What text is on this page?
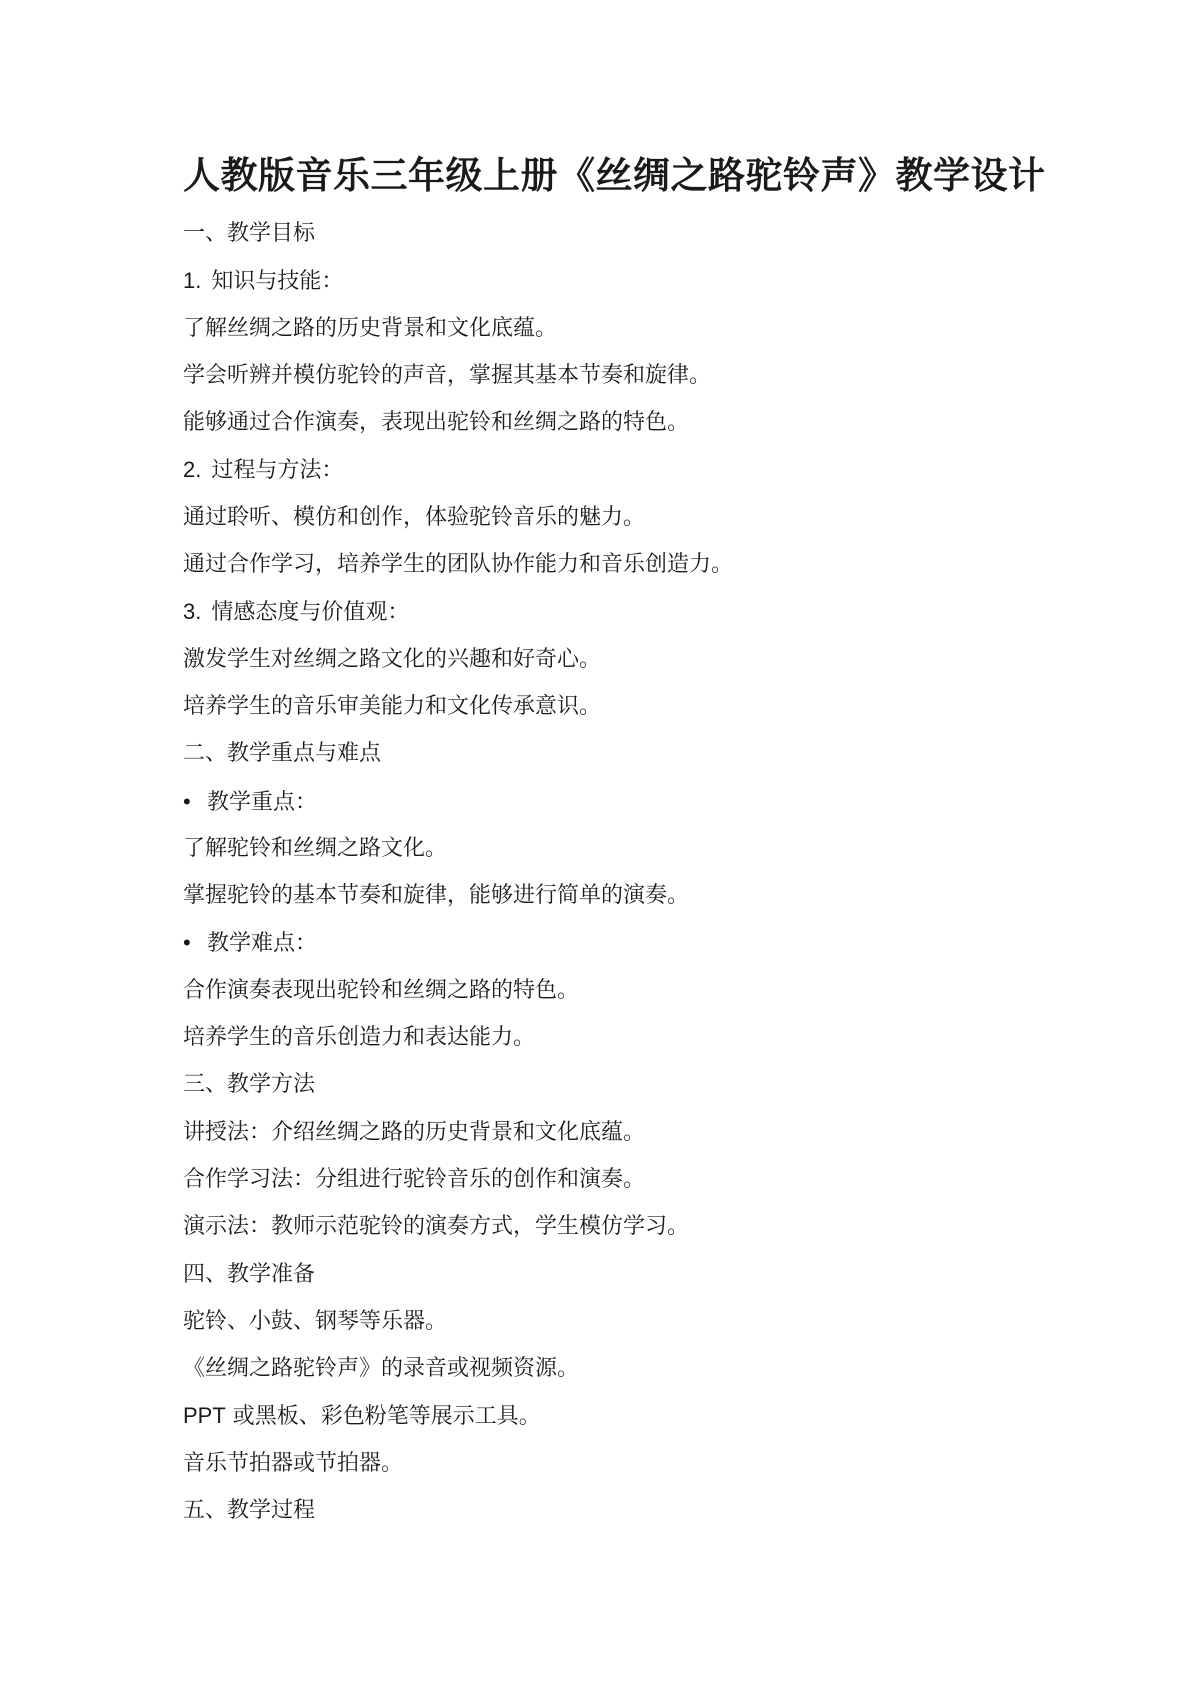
人教版音乐三年级上册《丝绸之路驼铃声》教学设计
一、教学目标
1. 知识与技能：
了解丝绸之路的历史背景和文化底蕴。
学会听辨并模仿驼铃的声音，掌握其基本节奏和旋律。
能够通过合作演奏，表现出驼铃和丝绸之路的特色。
2. 过程与方法：
通过聆听、模仿和创作，体验驼铃音乐的魅力。
通过合作学习，培养学生的团队协作能力和音乐创造力。
3. 情感态度与价值观：
激发学生对丝绸之路文化的兴趣和好奇心。
培养学生的音乐审美能力和文化传承意识。
二、教学重点与难点
• 教学重点：
了解驼铃和丝绸之路文化。
掌握驼铃的基本节奏和旋律，能够进行简单的演奏。
• 教学难点：
合作演奏表现出驼铃和丝绸之路的特色。
培养学生的音乐创造力和表达能力。
三、教学方法
讲授法：介绍丝绸之路的历史背景和文化底蕴。
合作学习法：分组进行驼铃音乐的创作和演奏。
演示法：教师示范驼铃的演奏方式，学生模仿学习。
四、教学准备
驼铃、小鼓、钢琴等乐器。
《丝绸之路驼铃声》的录音或视频资源。
PPT 或黑板、彩色粉笔等展示工具。
音乐节拍器或节拍器。
五、教学过程
